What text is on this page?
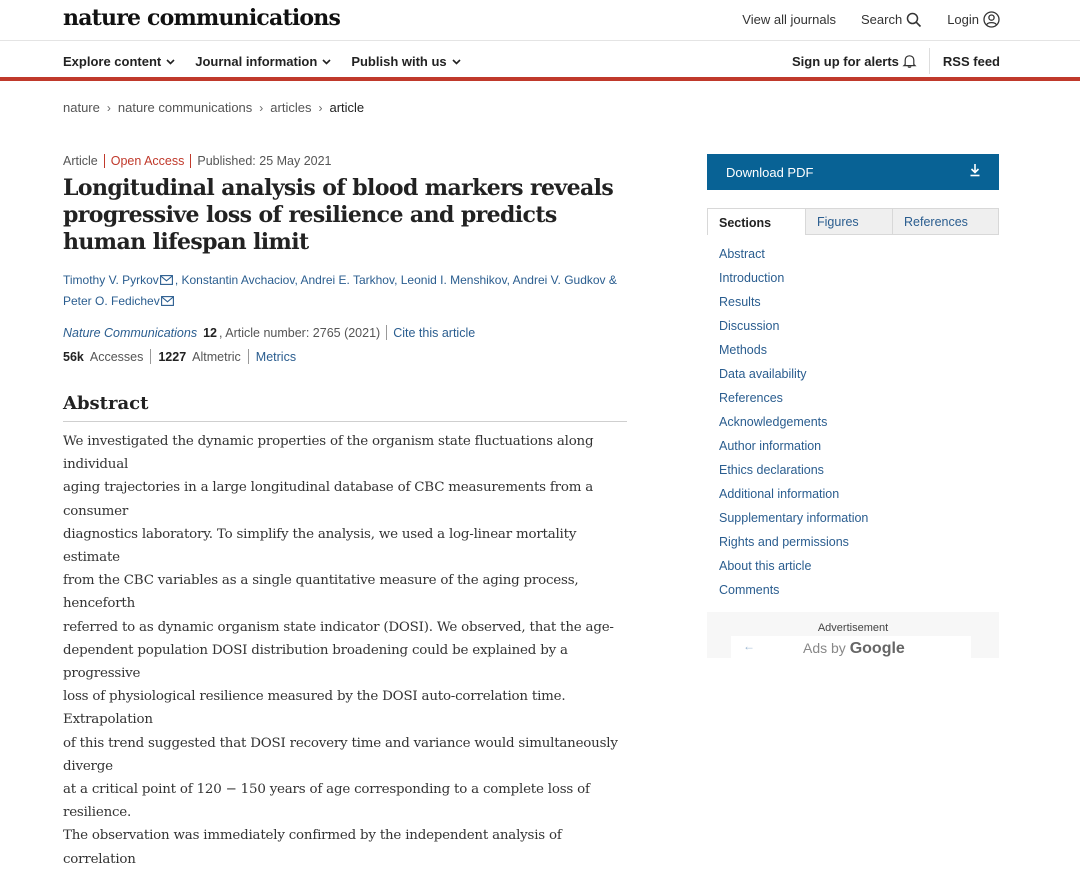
nature communications	View all journals Search	Login
Explore content	Journal information	Publish with us	Sign up for alerts	RSS feed
nature › nature communications › articles › article
Article Open Access Published: 25 May 2021
Longitudinal analysis of blood markers reveals progressive loss of resilience and predicts human lifespan limit
Timothy V. Pyrkov , Konstantin Avchaciov, Andrei E. Tarkhov, Leonid I. Menshikov, Andrei V. Gudkov &
Peter O. Fedichev
Nature Communications 12 , Article number: 2765 (2021) Cite this article
56k Accesses 1227 Altmetric Metrics
Abstract
We investigated the dynamic properties of the organism state fluctuations along individual
aging trajectories in a large longitudinal database of CBC measurements from a consumer
diagnostics laboratory. To simplify the analysis, we used a log-linear mortality estimate
from the CBC variables as a single quantitative measure of the aging process, henceforth
referred to as dynamic organism state indicator (DOSI). We observed, that the age-
dependent population DOSI distribution broadening could be explained by a progressive
loss of physiological resilience measured by the DOSI auto-correlation time. Extrapolation
of this trend suggested that DOSI recovery time and variance would simultaneously diverge
at a critical point of 120 − 150 years of age corresponding to a complete loss of resilience.
The observation was immediately confirmed by the independent analysis of correlation
Download PDF
Sections	Figures	References
Abstract
Introduction
Results
Discussion
Methods
Data availability
References
Acknowledgements
Author information
Ethics declarations
Additional information
Supplementary information
Rights and permissions
About this article
Comments
Advertisement
←	Ads by Google
